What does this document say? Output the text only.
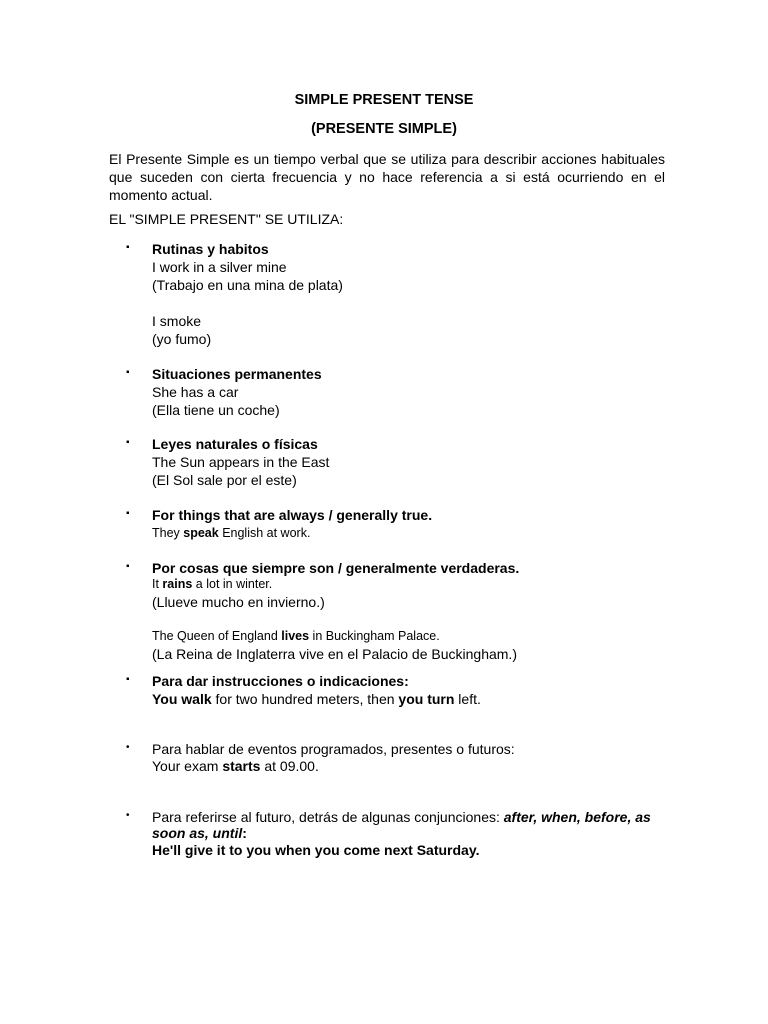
SIMPLE PRESENT TENSE
(PRESENTE SIMPLE)

El Presente Simple es un tiempo verbal que se utiliza para describir acciones habituales que suceden con cierta frecuencia y no hace referencia a si está ocurriendo en el momento actual.

EL "SIMPLE PRESENT" SE UTILIZA:

▪ Rutinas y habitos
I work in a silver mine
(Trabajo en una mina de plata)
I smoke
(yo fumo)
▪ Situaciones permanentes
She has a car
(Ella tiene un coche)
▪ Leyes naturales o físicas
The Sun appears in the East
(El Sol sale por el este)
▪ For things that are always / generally true.
They speak English at work.
▪ Por cosas que siempre son / generalmente verdaderas.
It rains a lot in winter.
(Llueve mucho en invierno.)
The Queen of England lives in Buckingham Palace.
(La Reina de Inglaterra vive en el Palacio de Buckingham.)
▪ Para dar instrucciones o indicaciones:
You walk for two hundred meters, then you turn left.
• Para hablar de eventos programados, presentes o futuros:
Your exam starts at 09.00.
• Para referirse al futuro, detrás de algunas conjunciones: after, when, before, as
soon as, until:
He'll give it to you when you come next Saturday.
